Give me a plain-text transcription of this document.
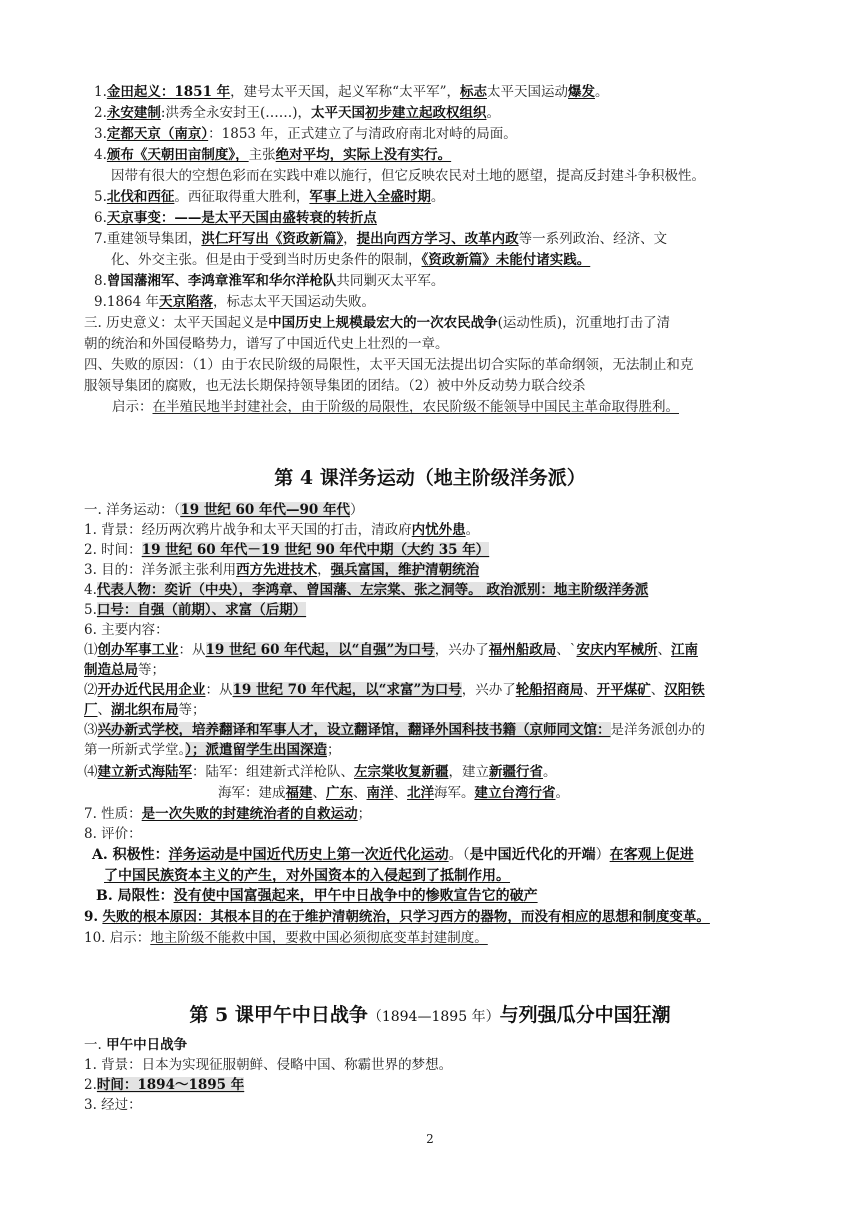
1.金田起义：1851 年，建号太平天国，起义军称“太平军”，标志太平天国运动爆发。
2.永安建制:洪秀全永安封王(……)，太平天国初步建立起政权组织。
3.定都天京（南京）：1853 年，正式建立了与清政府南北对峙的局面。
4.颁布《天朝田亩制度》，主张绝对平均，实际上没有实行。
因带有很大的空想色彩而在实践中难以施行，但它反映农民对土地的愿望，提高反封建斗争积极性。
5.北伐和西征。西征取得重大胜利，军事上进入全盛时期。
6.天京事变：——是太平天国由盛转衰的转折点
7.重建领导集团，洪仁玕写出《资政新篇》，提出向西方学习、改革内政等一系列政治、经济、文
化、外交主张。但是由于受到当时历史条件的限制，《资政新篇》未能付诸实践。
8.曾国藩湘军、李鸿章淮军和华尔洋枪队共同剿灭太平军。
9.1864 年天京陷落，标志太平天国运动失败。
三. 历史意义：太平天国起义是中国历史上规模最宏大的一次农民战争(运动性质)，沉重地打击了清
朝的统治和外国侵略势力，谱写了中国近代史上壮烈的一章。
四、失败的原因：（1）由于农民阶级的局限性，太平天国无法提出切合实际的革命纲领，无法制止和克
服领导集团的腐败，也无法长期保持领导集团的团结。（2）被中外反动势力联合绞杀
启示：在半殖民地半封建社会，由于阶级的局限性，农民阶级不能领导中国民主革命取得胜利。
第 4 课洋务运动（地主阶级洋务派）
一. 洋务运动：（19 世纪 60 年代—90 年代）
1. 背景：经历两次鸦片战争和太平天国的打击，清政府内忧外患。
2. 时间：19 世纪 60 年代－19 世纪 90 年代中期（大约 35 年）
3. 目的：洋务派主张利用西方先进技术，强兵富国，维护清朝统治
4.代表人物：奕䜣（中央），李鸿章、曾国藩、左宗棠、张之洞等。 政治派别：地主阶级洋务派
5.口号：自强（前期）、求富（后期）
6. 主要内容：
⑴创办军事工业：从19 世纪 60 年代起，以“自强”为口号，兴办了福州船政局、`安庆内军械所、江南
制造总局等；
⑵开办近代民用企业：从19 世纪 70 年代起，以“求富”为口号，兴办了轮船招商局、开平煤矿、汉阳铁
厂、湖北织布局等；
⑶兴办新式学校，培养翻译和军事人才，设立翻译馆，翻译外国科技书籍（京师同文馆：是洋务派创办的
第一所新式学堂。）；派遣留学生出国深造；
⑷建立新式海陆军：陆军：组建新式洋枪队、左宗棠收复新疆，建立新疆行省。
海军：建成福建、广东、南洋、北洋海军。建立台湾行省。
7. 性质：是一次失败的封建统治者的自救运动；
8. 评价：
A. 积极性：洋务运动是中国近代历史上第一次近代化运动。（是中国近代化的开端）在客观上促进
了中国民族资本主义的产生，对外国资本的入侵起到了抵制作用。
B. 局限性：没有使中国富强起来，甲午中日战争中的惨败宣告它的破产
9. 失败的根本原因：其根本目的在于维护清朝统治，只学习西方的器物，而没有相应的思想和制度变革。
10. 启示：地主阶级不能救中国，要救中国必须彻底变革封建制度。
第 5 课甲午中日战争（1894—1895 年）与列强瓜分中国狂潮
一. 甲午中日战争
1. 背景：日本为实现征服朝鲜、侵略中国、称霸世界的梦想。
2.时间：1894～1895 年
3. 经过：
2
